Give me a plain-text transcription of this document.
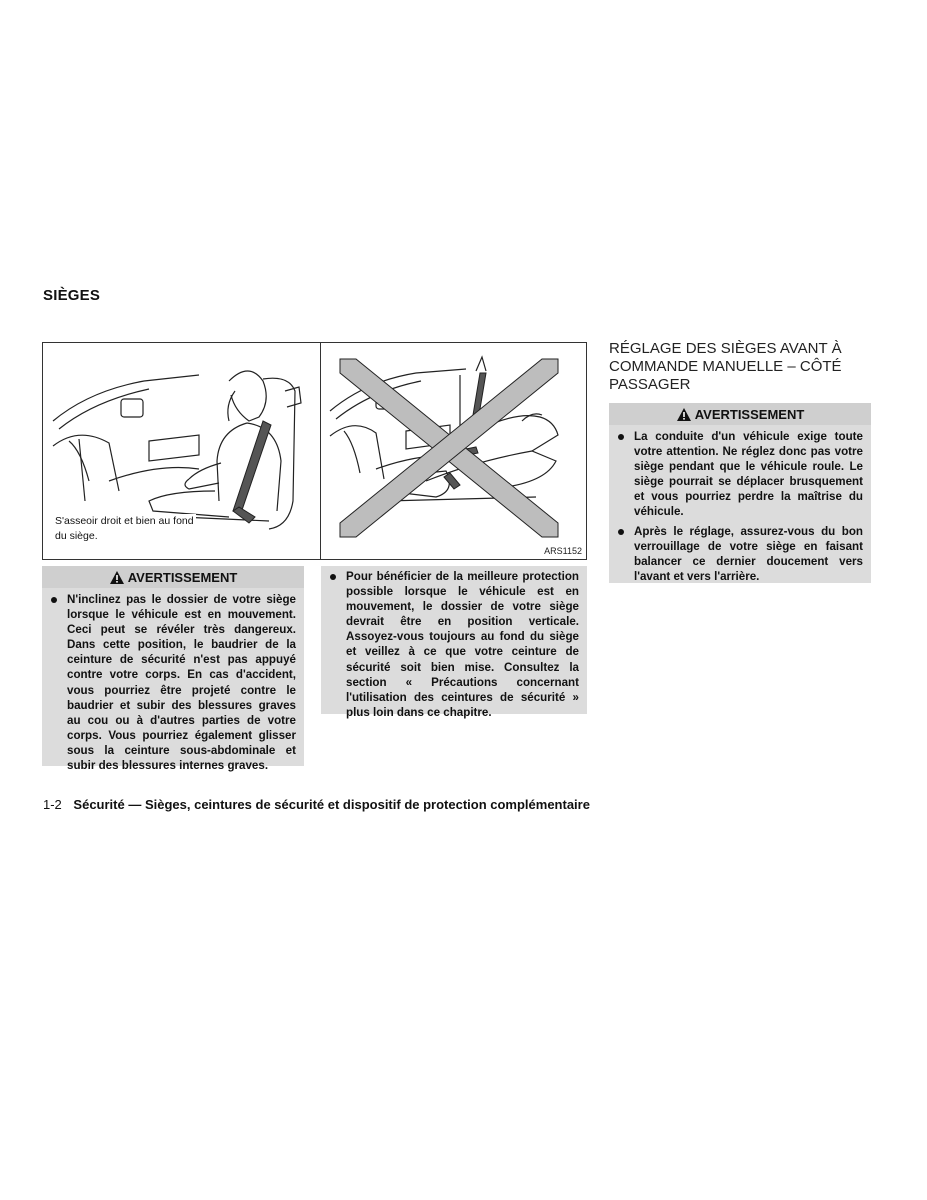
SIÈGES
S'asseoir droit et bien au fond
du siège.
ARS1152
AVERTISSEMENT
N'inclinez pas le dossier de votre siège lorsque le véhicule est en mouvement. Ceci peut se révéler très dangereux. Dans cette position, le baudrier de la ceinture de sécurité n'est pas appuyé contre votre corps. En cas d'accident, vous pourriez être projeté contre le baudrier et subir des blessures graves au cou ou à d'autres parties de votre corps. Vous pourriez également glisser sous la ceinture sous-abdominale et subir des blessures internes graves.
Pour bénéficier de la meilleure protection possible lorsque le véhicule est en mouvement, le dossier de votre siège devrait être en position verticale. Assoyez-vous toujours au fond du siège et veillez à ce que votre ceinture de sécurité soit bien mise. Consultez la section « Précautions concernant l'utilisation des ceintures de sécurité » plus loin dans ce chapitre.
RÉGLAGE DES SIÈGES AVANT À COMMANDE MANUELLE – CÔTÉ PASSAGER
AVERTISSEMENT
La conduite d'un véhicule exige toute votre attention. Ne réglez donc pas votre siège pendant que le véhicule roule. Le siège pourrait se déplacer brusquement et vous pourriez perdre la maîtrise du véhicule.
Après le réglage, assurez-vous du bon verrouillage de votre siège en faisant balancer ce dernier doucement vers l'avant et vers l'arrière.
1-2 Sécurité — Sièges, ceintures de sécurité et dispositif de protection complémentaire
